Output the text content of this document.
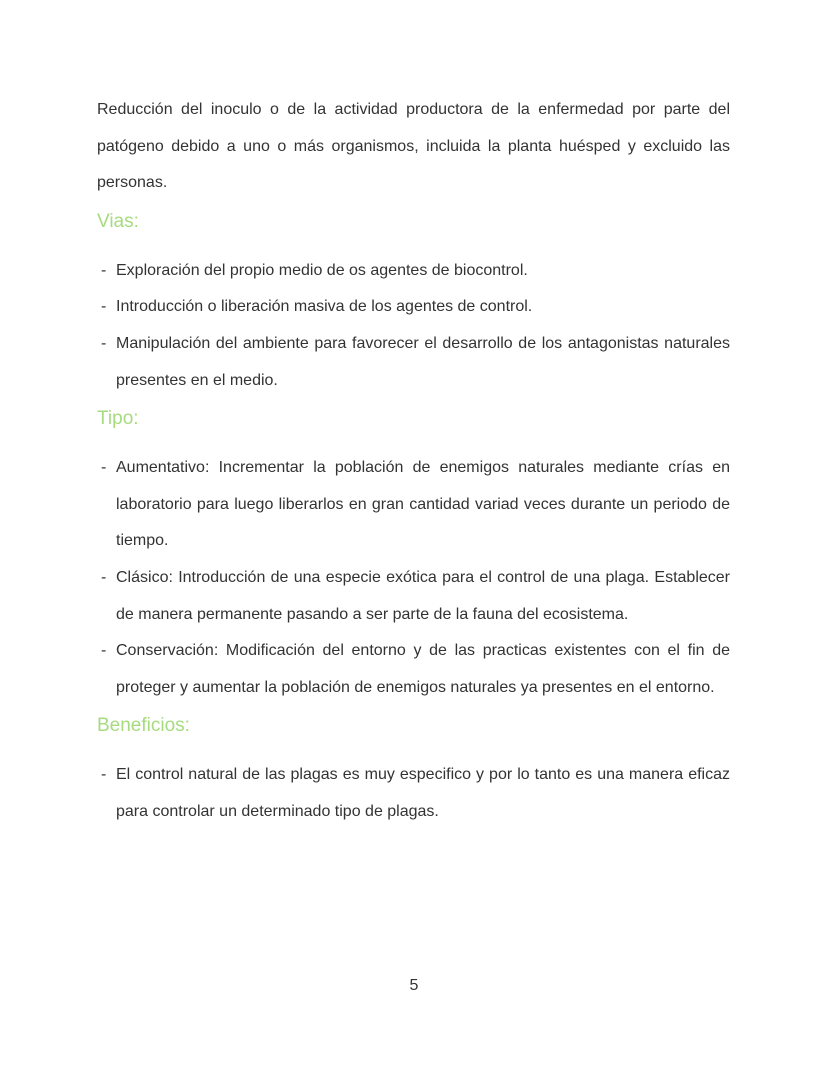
Reducción del inoculo o de la actividad productora de la enfermedad por parte del patógeno debido a uno o más organismos, incluida la planta huésped y excluido las personas.

Vias:
- Exploración del propio medio de os agentes de biocontrol.
- Introducción o liberación masiva de los agentes de control.
- Manipulación del ambiente para favorecer el desarrollo de los antagonistas naturales presentes en el medio.
Tipo:
- Aumentativo: Incrementar la población de enemigos naturales mediante crías en laboratorio para luego liberarlos en gran cantidad variad veces durante un periodo de tiempo.
- Clásico: Introducción de una especie exótica para el control de una plaga. Establecer de manera permanente pasando a ser parte de la fauna del ecosistema.
- Conservación: Modificación del entorno y de las practicas existentes con el fin de proteger y aumentar la población de enemigos naturales ya presentes en el entorno.
Beneficios:
- El control natural de las plagas es muy especifico y por lo tanto es una manera eficaz para controlar un determinado tipo de plagas.
5
